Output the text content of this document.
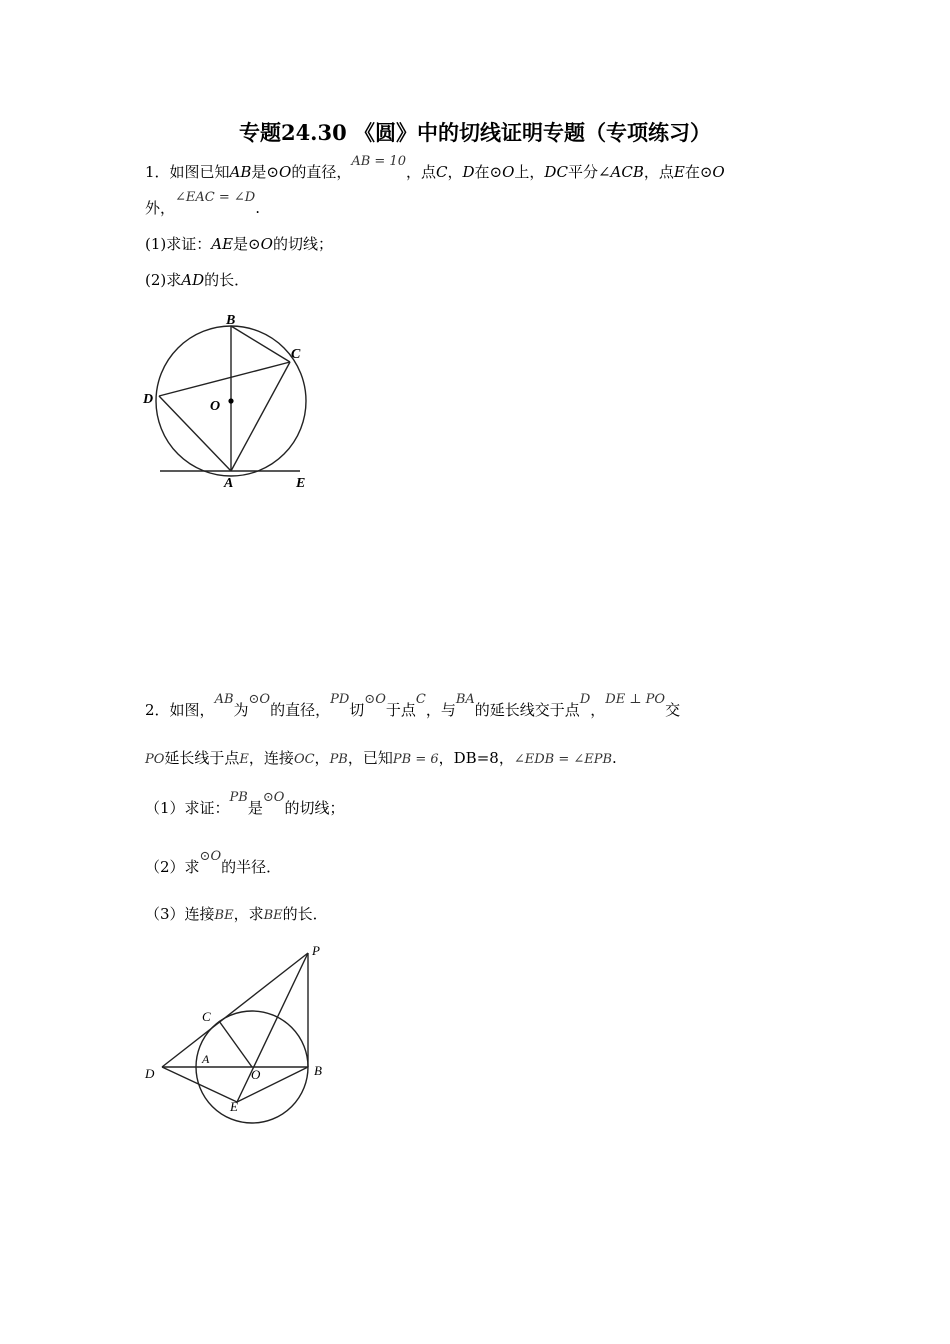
专题24.30 《圆》中的切线证明专题（专项练习）
1．如图已知AB是⊙O的直径，AB = 10，点C，D在⊙O上，DC平分∠ACB，点E在⊙O
外，∠EAC = ∠D.
(1)求证：AE是⊙O的切线；
(2)求AD的长．
B
C
D	O
A	E
2．如图，AB为⊙O的直径，PD切⊙O于点C，与BA的延长线交于点D，DE ⊥ PO交
PO延长线于点E，连接OC，PB，已知PB = 6，DB=8，∠EDB = ∠EPB.
（1）求证：PB是⊙O的切线；
（2）求⊙O的半径．
（3）连接BE，求BE的长．
P
C
A
D	O	B
E
